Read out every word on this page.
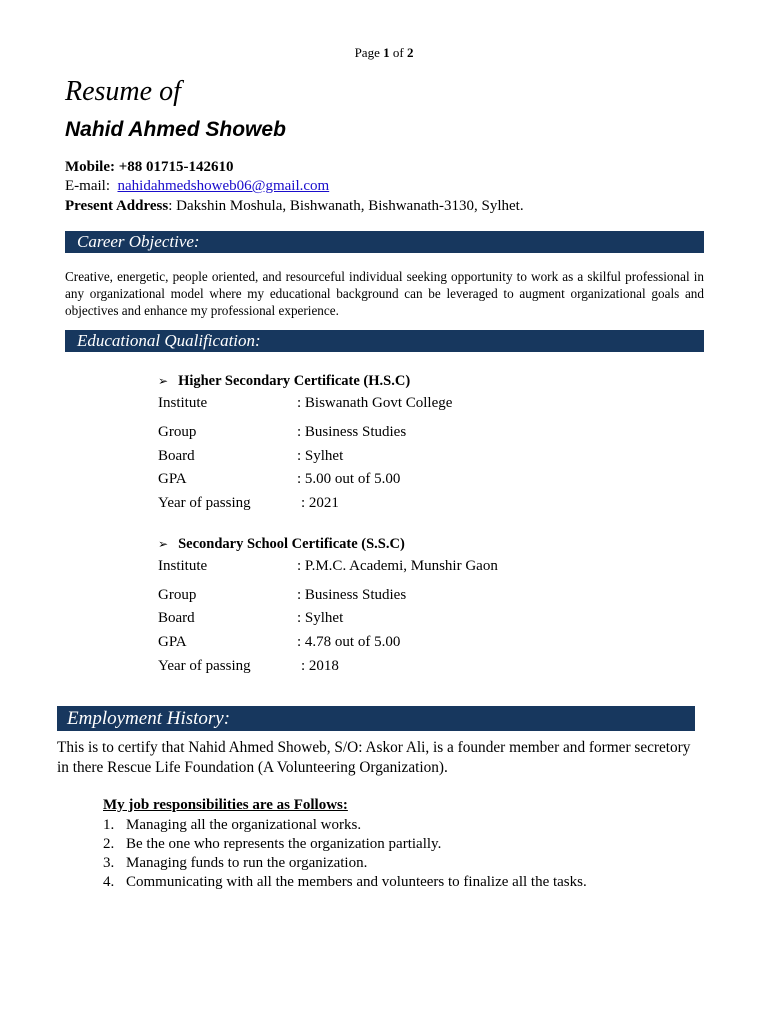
Page 1 of 2
Resume of
Nahid Ahmed Showeb
Mobile: +88 01715-142610
E-mail: nahidahmedshoweb06@gmail.com
Present Address: Dakshin Moshula, Bishwanath, Bishwanath-3130, Sylhet.
Career Objective:
Creative, energetic, people oriented, and resourceful individual seeking opportunity to work as a skilful professional in any organizational model where my educational background can be leveraged to augment organizational goals and objectives and enhance my professional experience.
Educational Qualification:
➢ Higher Secondary Certificate (H.S.C)
Institute	: Biswanath Govt College
Group	: Business Studies
Board	: Sylhet
GPA	: 5.00 out of 5.00
Year of passing	: 2021
➢ Secondary School Certificate (S.S.C)
Institute	: P.M.C. Academi, Munshir Gaon
Group	: Business Studies
Board	: Sylhet
GPA	: 4.78 out of 5.00
Year of passing	: 2018
Employment History:
This is to certify that Nahid Ahmed Showeb, S/O: Askor Ali, is a founder member and former secretory in there Rescue Life Foundation (A Volunteering Organization).
My job responsibilities are as Follows:
1. Managing all the organizational works.
2. Be the one who represents the organization partially.
3. Managing funds to run the organization.
4. Communicating with all the members and volunteers to finalize all the tasks.
